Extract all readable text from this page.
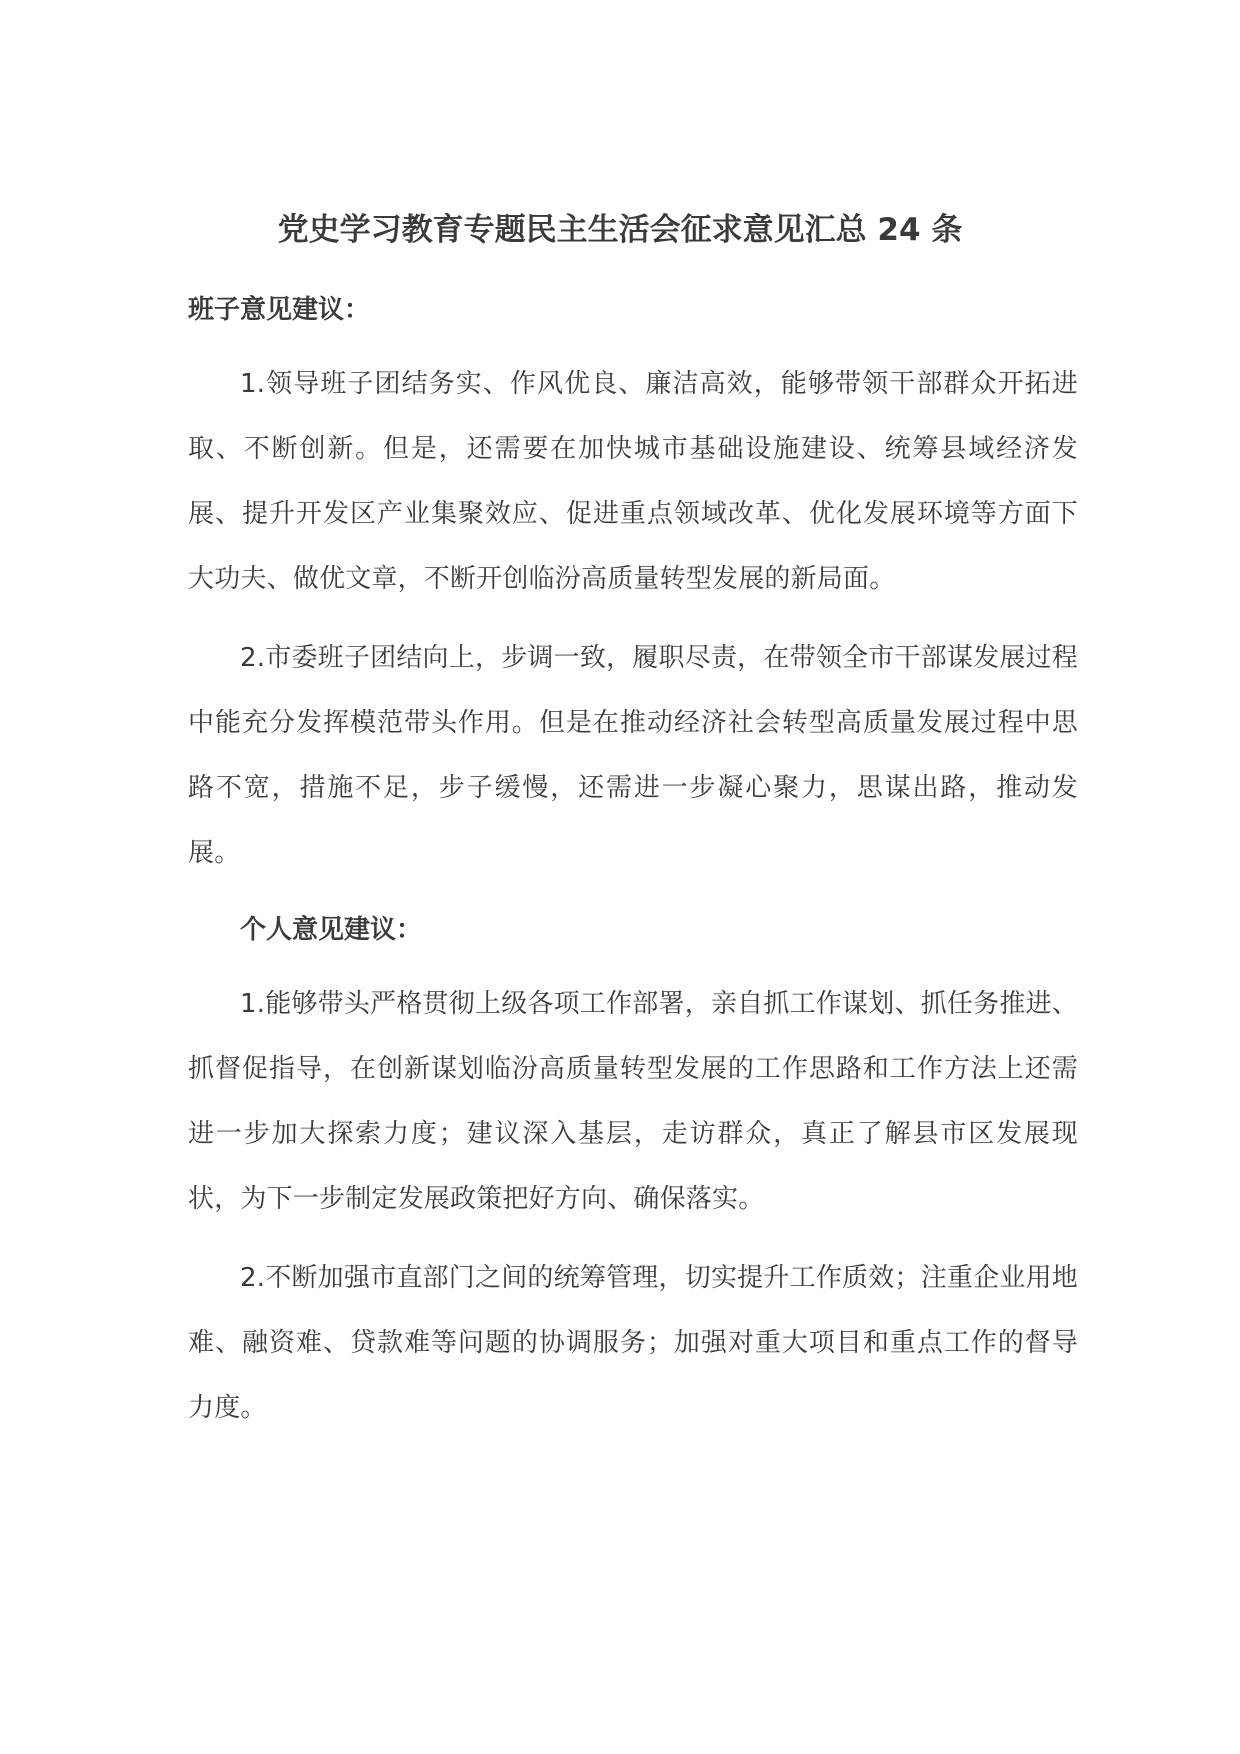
党史学习教育专题民主生活会征求意见汇总 24 条
班子意见建议：

1.领导班子团结务实、作风优良、廉洁高效，能够带领干部群众开拓进取、不断创新。但是，还需要在加快城市基础设施建设、统筹县域经济发展、提升开发区产业集聚效应、促进重点领域改革、优化发展环境等方面下大功夫、做优文章，不断开创临汾高质量转型发展的新局面。

2.市委班子团结向上，步调一致，履职尽责，在带领全市干部谋发展过程中能充分发挥模范带头作用。但是在推动经济社会转型高质量发展过程中思路不宽，措施不足，步子缓慢，还需进一步凝心聚力，思谋出路，推动发展。

个人意见建议：

1.能够带头严格贯彻上级各项工作部署，亲自抓工作谋划、抓任务推进、抓督促指导，在创新谋划临汾高质量转型发展的工作思路和工作方法上还需进一步加大探索力度；建议深入基层，走访群众，真正了解县市区发展现状，为下一步制定发展政策把好方向、确保落实。

2.不断加强市直部门之间的统筹管理，切实提升工作质效；注重企业用地难、融资难、贷款难等问题的协调服务；加强对重大项目和重点工作的督导力度。
